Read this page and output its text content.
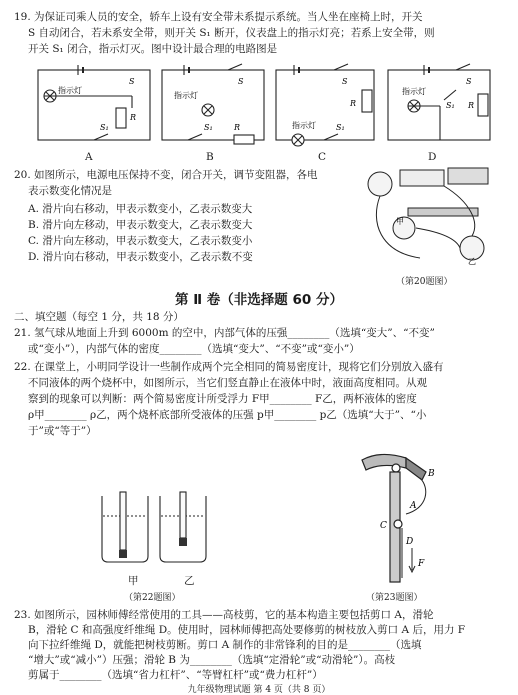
19. 为保证司乘人员的安全，轿车上设有安全带未系提示系统。当人坐在座椅上时，开关
S 自动闭合，若未系安全带，则开关 S₁ 断开，仪表盘上的指示灯亮；若系上安全带，则
开关 S₁ 闭合，指示灯灭。图中设计最合理的电路图是
指示灯
S
R
S₁
A
指示灯
S
R
S₁
B
S
R
指示灯	S₁
C
指示灯
S
R
S₁
D
20. 如图所示，电源电压保持不变，闭合开关，调节变阻器，各电
表示数变化情况是
A. 滑片向右移动，甲表示数变小，乙表示数变大
B. 滑片向左移动，甲表示数变大，乙表示数变大
C. 滑片向左移动，甲表示数变大，乙表示数变小
D. 滑片向右移动，甲表示数变小，乙表示数不变
甲
乙
（第20题图）
第 Ⅱ 卷（非选择题 60 分）
二、填空题（每空 1 分，共 18 分）
21. 氢气球从地面上升到 6000m 的空中，内部气体的压强________（选填“变大”、“不变”
或“变小”），内部气体的密度________（选填“变大”、“不变”或“变小”）
22. 在课堂上，小明同学设计一些制作成两个完全相同的简易密度计，现将它们分别放入盛有
不同液体的两个烧杯中，如图所示，当它们竖直静止在液体中时，液面高度相同。从观
察到的现象可以判断：两个简易密度计所受浮力 F甲________ F乙，两杯液体的密度
ρ甲________ ρ乙，两个烧杯底部所受液体的压强 p甲________ p乙（选填“大于”、“小
于”或“等于”）
甲	乙
（第22题图）
B
A
C
D
F
（第23题图）
23. 如图所示，园林师傅经常使用的工具——高枝剪，它的基本构造主要包括剪口 A，滑轮
B，滑轮 C 和高强度纤维绳 D。使用时，园林师傅把高处要修剪的树枝放入剪口 A 后，用力 F
向下拉纤维绳 D，就能把树枝剪断。剪口 A 制作的非常锋利的目的是________（选填
“增大”或“减小”）压强；滑轮 B 为________（选填“定滑轮”或“动滑轮”）。高枝
剪属于________（选填“省力杠杆”、“等臂杠杆”或“费力杠杆”）
九年级物理试题 第 4 页（共 8 页）
